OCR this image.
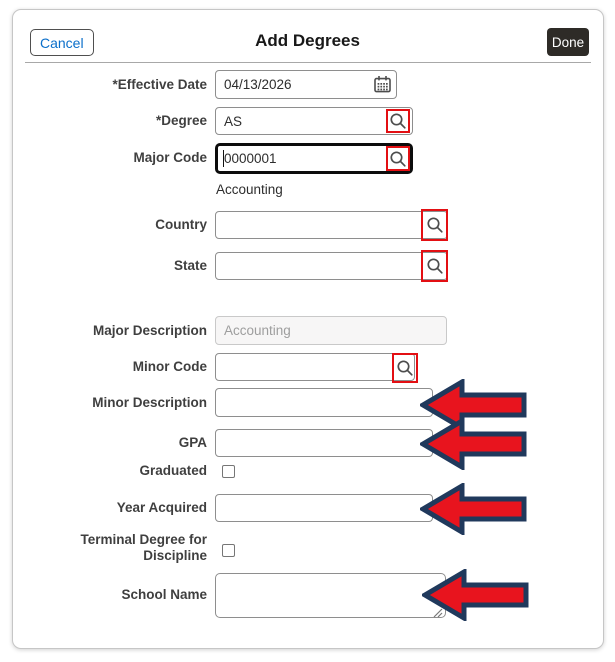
Cancel	Add Degrees	Done
*Effective Date
04/13/2026
*Degree
AS
Major Code
0000001
Accounting
Country
State
Major Description
Accounting
Minor Code
Minor Description
GPA
Graduated
Year Acquired
Terminal Degree for Discipline
School Name
